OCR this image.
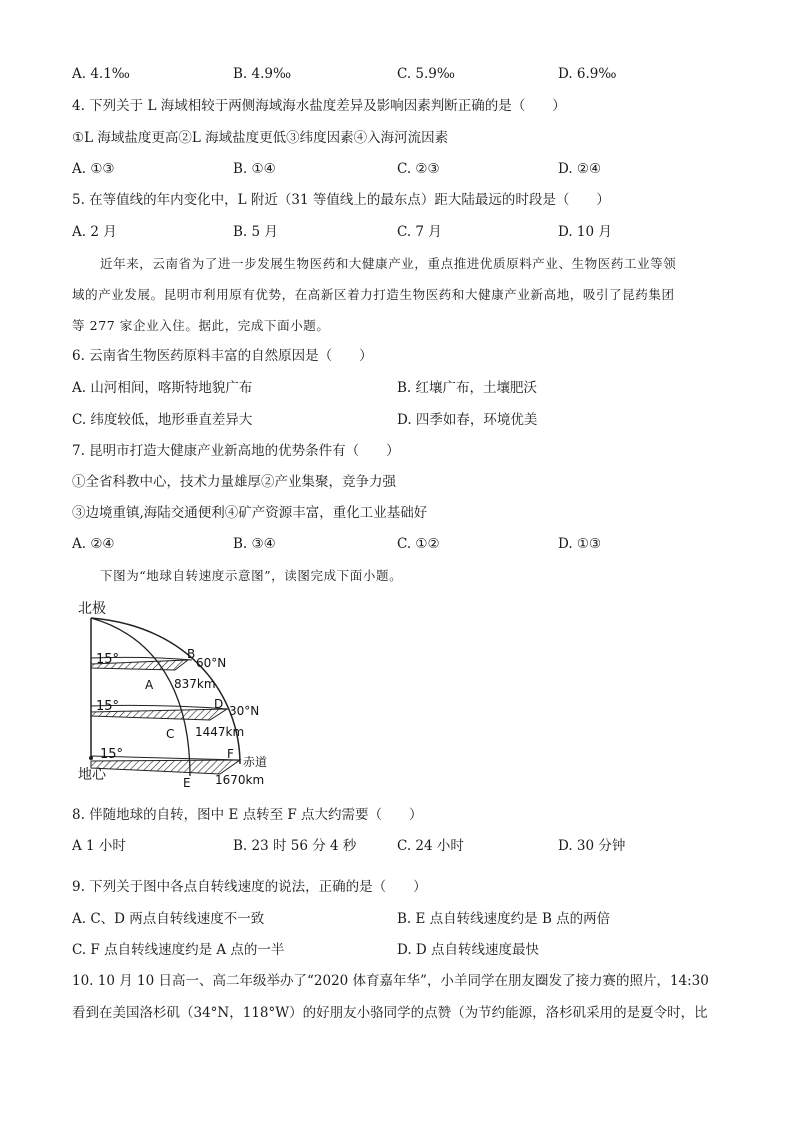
A. 4.1‰	B. 4.9‰	C. 5.9‰	D. 6.9‰
4. 下列关于 L 海域相较于两侧海域海水盐度差异及影响因素判断正确的是（　　）
①L 海域盐度更高②L 海域盐度更低③纬度因素④入海河流因素
A. ①③	B. ①④	C. ②③	D. ②④
5. 在等值线的年内变化中，L 附近（31 等值线上的最东点）距大陆最远的时段是（　　）
A. 2 月	B. 5 月	C. 7 月	D. 10 月
近年来，云南省为了进一步发展生物医药和大健康产业，重点推进优质原料产业、生物医药工业等领
域的产业发展。昆明市利用原有优势，在高新区着力打造生物医药和大健康产业新高地，吸引了昆药集团
等 277 家企业入住。据此，完成下面小题。
6. 云南省生物医药原料丰富的自然原因是（　　）
A. 山河相间，喀斯特地貌广布	B. 红壤广布，土壤肥沃
C. 纬度较低，地形垂直差异大	D. 四季如春，环境优美
7. 昆明市打造大健康产业新高地的优势条件有（　　）
①全省科教中心，技术力量雄厚②产业集聚，竞争力强
③边境重镇,海陆交通便利④矿产资源丰富，重化工业基础好
A. ②④	B. ③④	C. ①②	D. ①③
下图为“地球自转速度示意图”，读图完成下面小题。
北极
地心
15°
15°
15°
B
A
60°N
837km
D 30°N
C 1447km
F
赤道
E 1670km
8. 伴随地球的自转，图中 E 点转至 F 点大约需要（　　）
A 1 小时	B. 23 时 56 分 4 秒	C. 24 小时	D. 30 分钟
9. 下列关于图中各点自转线速度的说法，正确的是（　　）
A. C、D 两点自转线速度不一致	B. E 点自转线速度约是 B 点的两倍
C. F 点自转线速度约是 A 点的一半	D. D 点自转线速度最快
10. 10 月 10 日高一、高二年级举办了“2020 体育嘉年华”，小羊同学在朋友圈发了接力赛的照片，14:30
看到在美国洛杉矶（34°N，118°W）的好朋友小骆同学的点赞（为节约能源，洛杉矶采用的是夏令时，比
